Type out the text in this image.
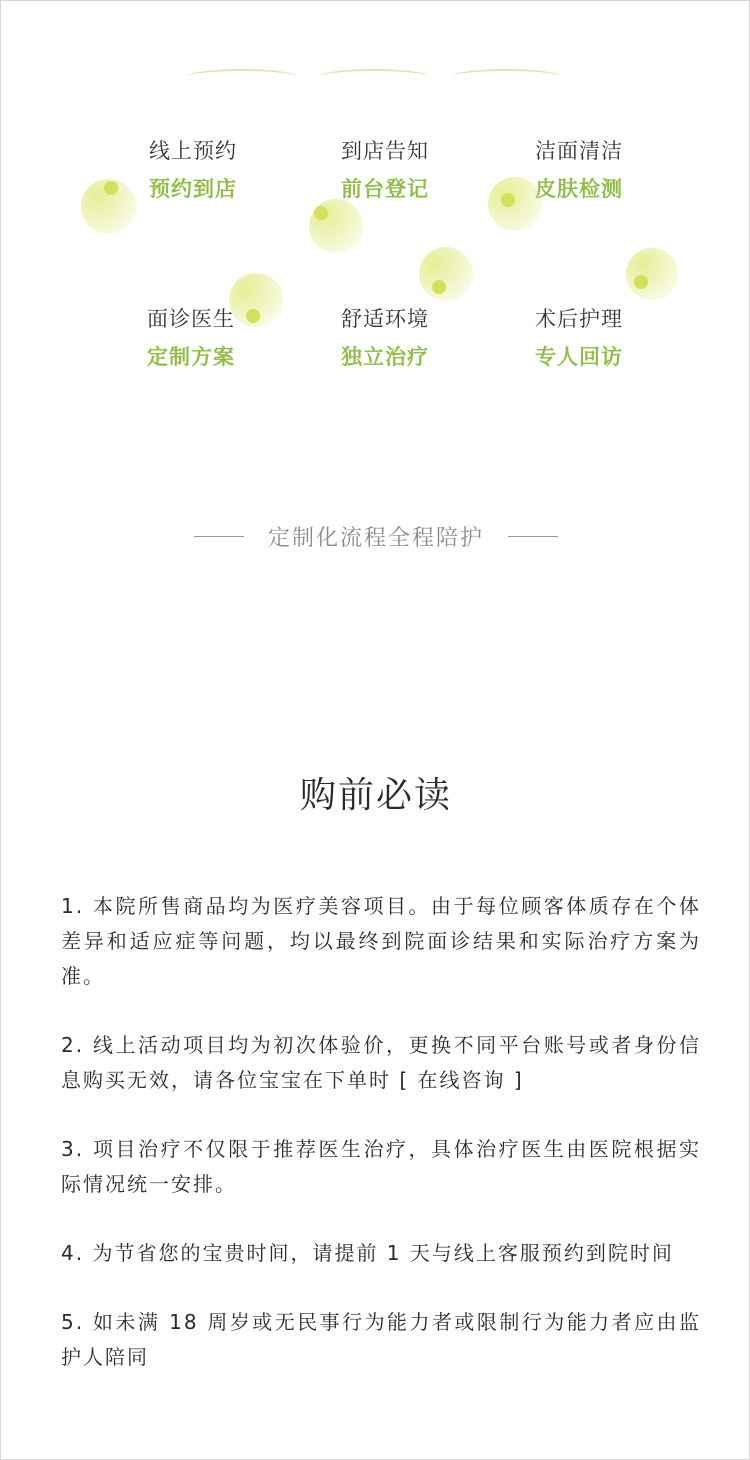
线上预约
预约到店
到店告知
前台登记
洁面清洁
皮肤检测
面诊医生
定制方案
舒适环境
独立治疗
术后护理
专人回访
定制化流程全程陪护
购前必读
1. 本院所售商品均为医疗美容项目。由于每位顾客体质存在个体差异和适应症等问题，均以最终到院面诊结果和实际治疗方案为准。
2. 线上活动项目均为初次体验价，更换不同平台账号或者身份信息购买无效，请各位宝宝在下单时 [ 在线咨询 ]
3. 项目治疗不仅限于推荐医生治疗，具体治疗医生由医院根据实际情况统一安排。
4. 为节省您的宝贵时间，请提前 1 天与线上客服预约到院时间
5. 如未满 18 周岁或无民事行为能力者或限制行为能力者应由监护人陪同
